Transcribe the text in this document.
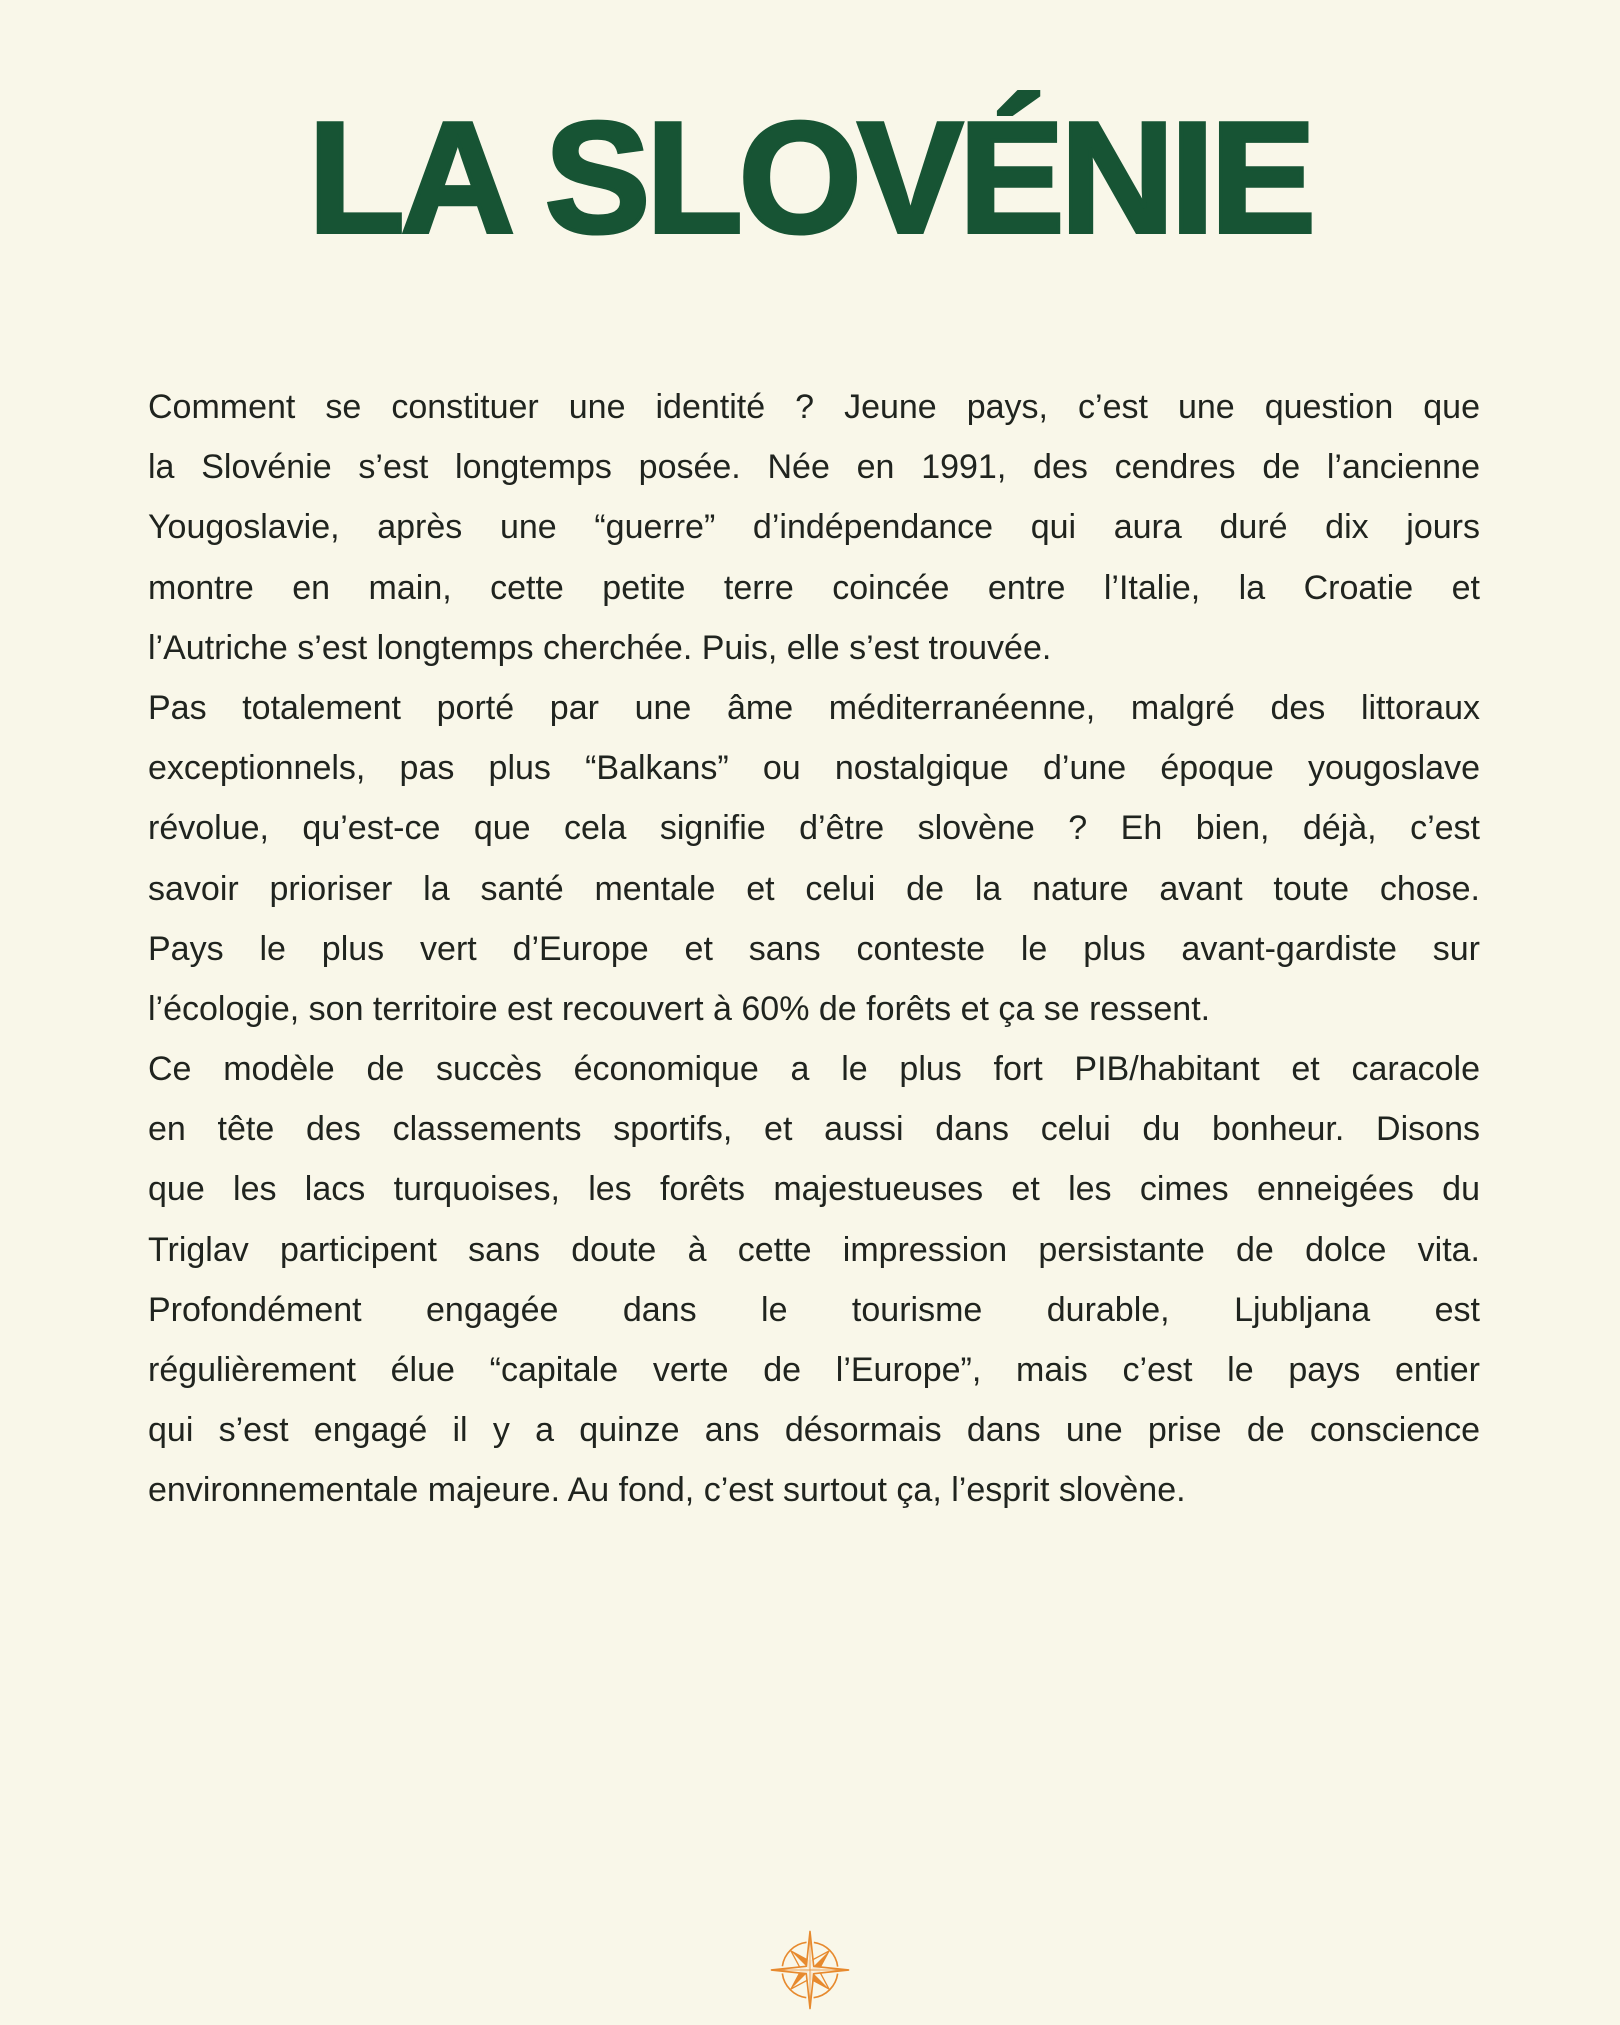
LA SLOVÉNIE
Comment se constituer une identité ? Jeune pays, c’est une question que
la Slovénie s’est longtemps posée. Née en 1991, des cendres de l’ancienne
Yougoslavie, après une “guerre” d’indépendance qui aura duré dix jours
montre en main, cette petite terre coincée entre l’Italie, la Croatie et
l’Autriche s’est longtemps cherchée. Puis, elle s’est trouvée.
Pas totalement porté par une âme méditerranéenne, malgré des littoraux
exceptionnels, pas plus “Balkans” ou nostalgique d’une époque yougoslave
révolue, qu’est-ce que cela signifie d’être slovène ? Eh bien, déjà, c’est
savoir prioriser la santé mentale et celui de la nature avant toute chose.
Pays le plus vert d’Europe et sans conteste le plus avant-gardiste sur
l’écologie, son territoire est recouvert à 60% de forêts et ça se ressent.
Ce modèle de succès économique a le plus fort PIB/habitant et caracole
en tête des classements sportifs, et aussi dans celui du bonheur. Disons
que les lacs turquoises, les forêts majestueuses et les cimes enneigées du
Triglav participent sans doute à cette impression persistante de dolce vita.
Profondément engagée dans le tourisme durable, Ljubljana est
régulièrement élue “capitale verte de l’Europe”, mais c’est le pays entier
qui s’est engagé il y a quinze ans désormais dans une prise de conscience
environnementale majeure. Au fond, c’est surtout ça, l’esprit slovène.
